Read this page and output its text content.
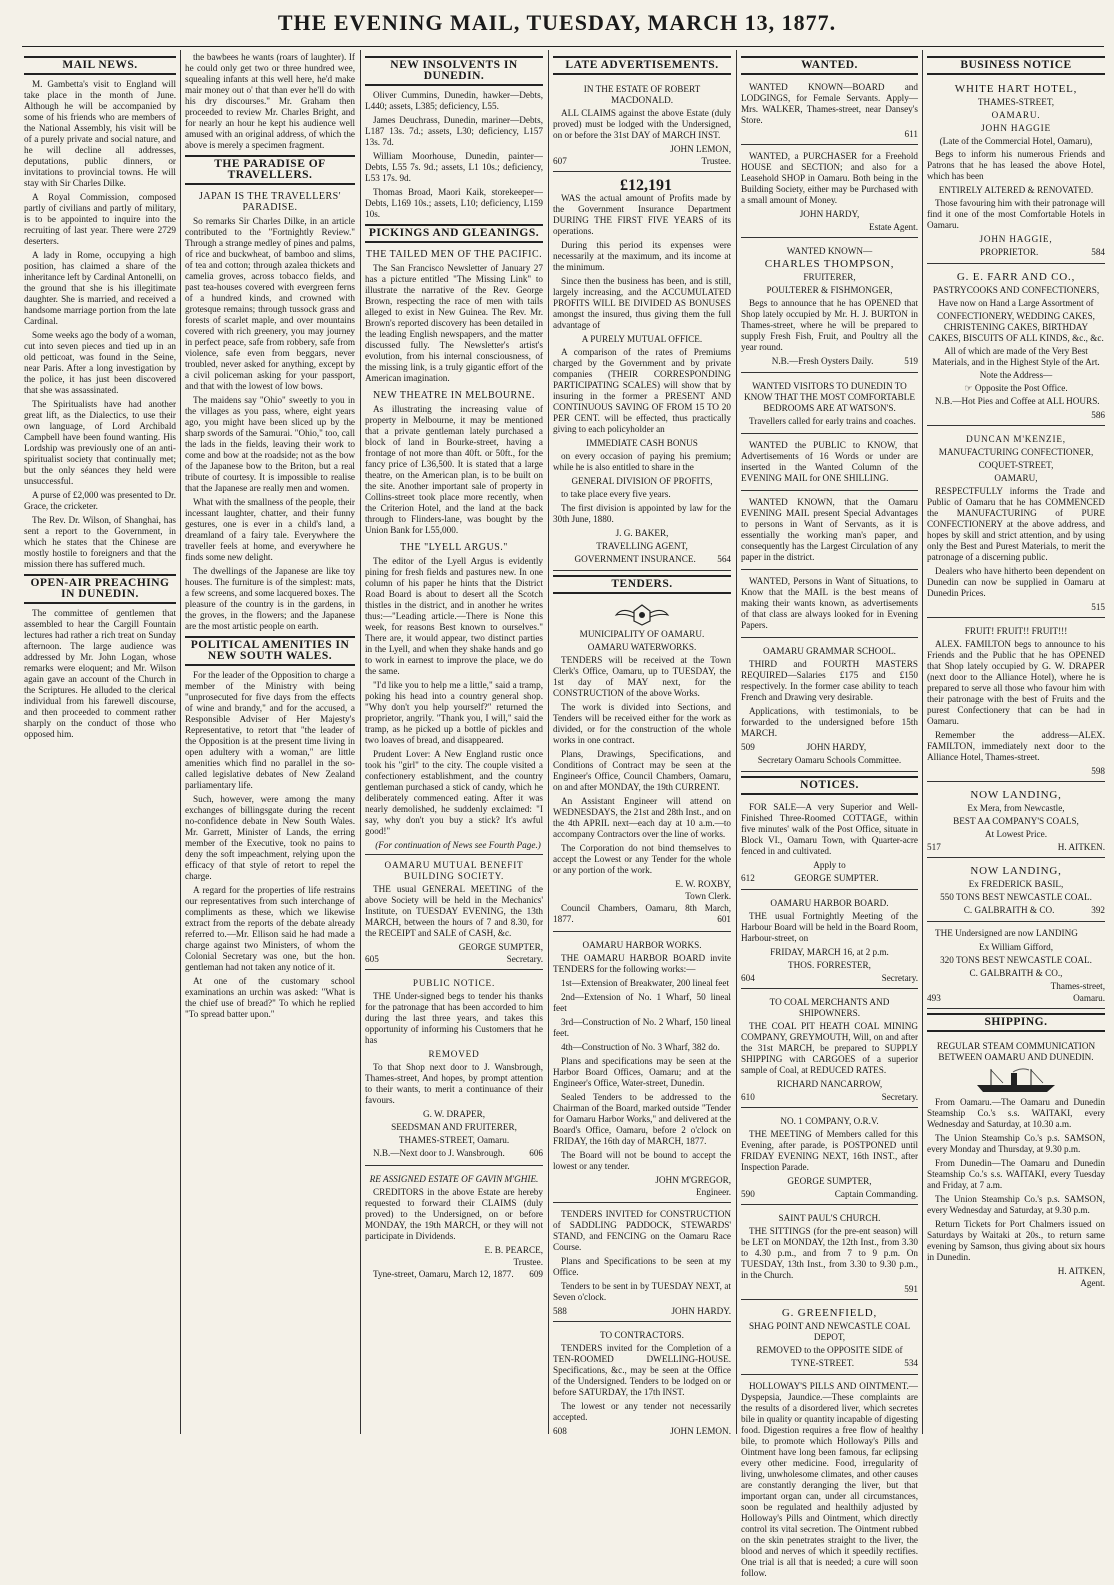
THE EVENING MAIL, TUESDAY, MARCH 13, 1877.
MAIL NEWS.

M. Gambetta's visit to England will take place in the month of June. Although he will be accompanied by some of his friends who are members of the National Assembly, his visit will be of a purely private and social nature, and he will decline all addresses, deputations, public dinners, or invitations to provincial towns. He will stay with Sir Charles Dilke.

A Royal Commission, composed partly of civilians and partly of military, is to be appointed to inquire into the recruiting of last year. There were 2729 deserters.

A lady in Rome, occupying a high position, has claimed a share of the inheritance left by Cardinal Antonelli, on the ground that she is his illegitimate daughter. She is married, and received a handsome marriage portion from the late Cardinal.

Some weeks ago the body of a woman, cut into seven pieces and tied up in an old petticoat, was found in the Seine, near Paris. After a long investigation by the police, it has just been discovered that she was assassinated.

The Spiritualists have had another great lift, as the Dialectics, to use their own language, of Lord Archibald Campbell have been found wanting. His Lordship was previously one of an anti-spiritualist society that continually met; but the only séances they held were unsuccessful.

A purse of £2,000 was presented to Dr. Grace, the cricketer.

The Rev. Dr. Wilson, of Shanghai, has sent a report to the Government, in which he states that the Chinese are mostly hostile to foreigners and that the mission there has suffered much.

OPEN-AIR PREACHING IN DUNEDIN.

The committee of gentlemen that assembled to hear the Cargill Fountain lectures had rather a rich treat on Sunday afternoon. The large audience was addressed by Mr. John Logan, whose remarks were eloquent; and Mr. Wilson again gave an account of the Church in the Scriptures. He alluded to the clerical individual from his farewell discourse, and then proceeded to comment rather sharply on the conduct of those who opposed him.

the bawbees he wants (roars of laughter). If he could only get two or three hundred wee, squealing infants at this well here, he'd make mair money out o' that than ever he'll do with his dry discourses." Mr. Graham then proceeded to review Mr. Charles Bright, and for nearly an hour he kept his audience well amused with an original address, of which the above is merely a specimen fragment.

THE PARADISE OF TRAVELLERS.
JAPAN IS THE TRAVELLERS' PARADISE.

So remarks Sir Charles Dilke, in an article contributed to the "Fortnightly Review." Through a strange medley of pines and palms, of rice and buckwheat, of bamboo and slims, of tea and cotton; through azalea thickets and camelia groves, across tobacco fields, and past tea-houses covered with evergreen ferns of a hundred kinds, and crowned with grotesque remains; through tussock grass and forests of scarlet maple, and over mountains covered with rich greenery, you may journey in perfect peace, safe from robbery, safe from violence, safe even from beggars, never troubled, never asked for anything, except by a civil policeman asking for your passport, and that with the lowest of low bows.

The maidens say "Ohio" sweetly to you in the villages as you pass, where, eight years ago, you might have been sliced up by the sharp swords of the Samurai. "Ohio," too, call the lads in the fields, leaving their work to come and bow at the roadside; not as the bow of the Japanese bow to the Briton, but a real tribute of courtesy. It is impossible to realise that the Japanese are really men and women.

What with the smallness of the people, their incessant laughter, chatter, and their funny gestures, one is ever in a child's land, a dreamland of a fairy tale. Everywhere the traveller feels at home, and everywhere he finds some new delight.

The dwellings of the Japanese are like toy houses. The furniture is of the simplest: mats, a few screens, and some lacquered boxes. The pleasure of the country is in the gardens, in the groves, in the flowers; and the Japanese are the most artistic people on earth.

POLITICAL AMENITIES IN NEW SOUTH WALES.

For the leader of the Opposition to charge a member of the Ministry with being "unprosecuted for five days from the effects of wine and brandy," and for the accused, a Responsible Adviser of Her Majesty's Representative, to retort that "the leader of the Opposition is at the present time living in open adultery with a woman," are little amenities which find no parallel in the so-called legislative debates of New Zealand parliamentary life.

Such, however, were among the many exchanges of billingsgate during the recent no-confidence debate in New South Wales. Mr. Garrett, Minister of Lands, the erring member of the Executive, took no pains to deny the soft impeachment, relying upon the efficacy of that style of retort to repel the charge.

A regard for the properties of life restrains our representatives from such interchange of compliments as these, which we likewise extract from the reports of the debate already referred to.—Mr. Ellison said he had made a charge against two Ministers, of whom the Colonial Secretary was one, but the hon. gentleman had not taken any notice of it.

At one of the customary school examinations an urchin was asked: "What is the chief use of bread?" To which he replied "To spread batter upon."

NEW INSOLVENTS IN DUNEDIN.

Oliver Cummins, Dunedin, hawker—Debts, L440; assets, L385; deficiency, L55.

James Deuchrass, Dunedin, mariner—Debts, L187 13s. 7d.; assets, L30; deficiency, L157 13s. 7d.

William Moorhouse, Dunedin, painter—Debts, L55 7s. 9d.; assets, L1 10s.; deficiency, L53 17s. 9d.

Thomas Broad, Maori Kaik, storekeeper—Debts, L169 10s.; assets, L10; deficiency, L159 10s.

PICKINGS AND GLEANINGS.
THE TAILED MEN OF THE PACIFIC.

The San Francisco Newsletter of January 27 has a picture entitled "The Missing Link" to illustrate the narrative of the Rev. George Brown, respecting the race of men with tails alleged to exist in New Guinea. The Rev. Mr. Brown's reported discovery has been detailed in the leading English newspapers, and the matter discussed fully. The Newsletter's artist's evolution, from his internal consciousness, of the missing link, is a truly gigantic effort of the American imagination.

NEW THEATRE IN MELBOURNE.

As illustrating the increasing value of property in Melbourne, it may be mentioned that a private gentleman lately purchased a block of land in Bourke-street, having a frontage of not more than 40ft. or 50ft., for the fancy price of L36,500. It is stated that a large theatre, on the American plan, is to be built on the site. Another important sale of property in Collins-street took place more recently, when the Criterion Hotel, and the land at the back through to Flinders-lane, was bought by the Union Bank for L55,000.

THE "LYELL ARGUS."

The editor of the Lyell Argus is evidently pining for fresh fields and pastures new. In one column of his paper he hints that the District Road Board is about to desert all the Scotch thistles in the district, and in another he writes thus:—"Leading article.—There is None this week, for reasons Best known to ourselves." There are, it would appear, two distinct parties in the Lyell, and when they shake hands and go to work in earnest to improve the place, we do the same.

"I'd like you to help me a little," said a tramp, poking his head into a country general shop. "Why don't you help yourself?" returned the proprietor, angrily. "Thank you, I will," said the tramp, as he picked up a bottle of pickles and two loaves of bread, and disappeared.

Prudent Lover: A New England rustic once took his "girl" to the city. The couple visited a confectionery establishment, and the country gentleman purchased a stick of candy, which he deliberately commenced eating. After it was nearly demolished, he suddenly exclaimed: "I say, why don't you buy a stick? It's awful good!"

(For continuation of News see Fourth Page.)

OAMARU MUTUAL BENEFIT BUILDING SOCIETY.

THE usual GENERAL MEETING of the above Society will be held in the Mechanics' Institute, on TUESDAY EVENING, the 13th MARCH, between the hours of 7 and 8.30, for the RECEIPT and SALE of CASH, &c.

GEORGE SUMPTER,

605	Secretary.

PUBLIC NOTICE.

THE Under-signed begs to tender his thanks for the patronage that has been accorded to him during the last three years, and takes this opportunity of informing his Customers that he has

REMOVED

To that Shop next door to J. Wansbrough, Thames-street, And hopes, by prompt attention to their wants, to merit a continuance of their favours.

G. W. DRAPER,

SEEDSMAN AND FRUITERER,

THAMES-STREET, Oamaru.

N.B.—Next door to J. Wansbrough.	606

RE ASSIGNED ESTATE OF GAVIN M'GHIE.

CREDITORS in the above Estate are hereby requested to forward their CLAIMS (duly proved) to the Undersigned, on or before MONDAY, the 19th MARCH, or they will not participate in Dividends.

E. B. PEARCE,

Trustee.

Tyne-street, Oamaru, March 12, 1877.	609

LATE ADVERTISEMENTS.

IN THE ESTATE OF ROBERT MACDONALD.

ALL CLAIMS against the above Estate (duly proved) must be lodged with the Undersigned, on or before the 31st DAY of MARCH INST.

JOHN LEMON,

607	Trustee.

£12,191

WAS the actual amount of Profits made by the Government Insurance Department DURING THE FIRST FIVE YEARS of its operations.

During this period its expenses were necessarily at the maximum, and its income at the minimum.

Since then the business has been, and is still, largely increasing, and the ACCUMULATED PROFITS WILL BE DIVIDED AS BONUSES amongst the insured, thus giving them the full advantage of

A PURELY MUTUAL OFFICE.

A comparison of the rates of Premiums charged by the Government and by private companies (THEIR CORRESPONDING PARTICIPATING SCALES) will show that by insuring in the former a PRESENT AND CONTINUOUS SAVING OF FROM 15 TO 20 PER CENT. will be effected, thus practically giving to each policyholder an

IMMEDIATE CASH BONUS

on every occasion of paying his premium; while he is also entitled to share in the

GENERAL DIVISION OF PROFITS,

to take place every five years.

The first division is appointed by law for the 30th June, 1880.

J. G. BAKER,

TRAVELLING AGENT,

GOVERNMENT INSURANCE. 564

TENDERS.

MUNICIPALITY OF OAMARU.

OAMARU WATERWORKS.

TENDERS will be received at the Town Clerk's Office, Oamaru, up to TUESDAY, the 1st day of MAY next, for the CONSTRUCTION of the above Works.

The work is divided into Sections, and Tenders will be received either for the work as divided, or for the construction of the whole works in one contract.

Plans, Drawings, Specifications, and Conditions of Contract may be seen at the Engineer's Office, Council Chambers, Oamaru, on and after MONDAY, the 19th CURRENT.

An Assistant Engineer will attend on WEDNESDAYS, the 21st and 28th Inst., and on the 4th APRIL next—each day at 10 a.m.—to accompany Contractors over the line of works.

The Corporation do not bind themselves to accept the Lowest or any Tender for the whole or any portion of the work.

E. W. ROXBY,

Town Clerk.

Council Chambers, Oamaru, 8th March, 1877.	601

OAMARU HARBOR WORKS.

THE OAMARU HARBOR BOARD invite TENDERS for the following works:—

1st—Extension of Breakwater, 200 lineal feet

2nd—Extension of No. 1 Wharf, 50 lineal feet

3rd—Construction of No. 2 Wharf, 150 lineal feet.

4th—Construction of No. 3 Wharf, 382 do.

Plans and specifications may be seen at the Harbor Board Offices, Oamaru; and at the Engineer's Office, Water-street, Dunedin.

Sealed Tenders to be addressed to the Chairman of the Board, marked outside "Tender for Oamaru Harbor Works," and delivered at the Board's Office, Oamaru, before 2 o'clock on FRIDAY, the 16th day of MARCH, 1877.

The Board will not be bound to accept the lowest or any tender.

JOHN M'GREGOR,

Engineer.

TENDERS INVITED for CONSTRUCTION of SADDLING PADDOCK, STEWARDS' STAND, and FENCING on the Oamaru Race Course.

Plans and Specifications to be seen at my Office.

Tenders to be sent in by TUESDAY NEXT, at Seven o'clock.

588	JOHN HARDY.

TO CONTRACTORS.

TENDERS invited for the Completion of a TEN-ROOMED DWELLING-HOUSE. Specifications, &c., may be seen at the Office of the Undersigned. Tenders to be lodged on or before SATURDAY, the 17th INST.

The lowest or any tender not necessarily accepted.

608	JOHN LEMON.

WANTED.

WANTED KNOWN—BOARD and LODGINGS, for Female Servants. Apply—Mrs. WALKER, Thames-street, near Dansey's Store.

611

WANTED, a PURCHASER for a Freehold HOUSE and SECTION; and also for a Leasehold SHOP in Oamaru. Both being in the Building Society, either may be Purchased with a small amount of Money.

JOHN HARDY,

Estate Agent.

WANTED KNOWN—

CHARLES THOMPSON,

FRUITERER,

POULTERER & FISHMONGER,

Begs to announce that he has OPENED that Shop lately occupied by Mr. H. J. BURTON in Thames-street, where he will be prepared to supply Fresh Fish, Fruit, and Poultry all the year round.

N.B.—Fresh Oysters Daily.	519

WANTED VISITORS TO DUNEDIN TO KNOW THAT THE MOST COMFORTABLE BEDROOMS ARE AT WATSON'S.

Travellers called for early trains and coaches.

WANTED the PUBLIC to KNOW, that Advertisements of 16 Words or under are inserted in the Wanted Column of the EVENING MAIL for ONE SHILLING.

WANTED KNOWN, that the Oamaru EVENING MAIL present Special Advantages to persons in Want of Servants, as it is essentially the working man's paper, and consequently has the Largest Circulation of any paper in the district.

WANTED, Persons in Want of Situations, to Know that the MAIL is the best means of making their wants known, as advertisements of that class are always looked for in Evening Papers.

OAMARU GRAMMAR SCHOOL.

THIRD and FOURTH MASTERS REQUIRED—Salaries £175 and £150 respectively. In the former case ability to teach French and Drawing very desirable.

Applications, with testimonials, to be forwarded to the undersigned before 15th MARCH.

509	JOHN HARDY,

Secretary Oamaru Schools Committee.

NOTICES.

FOR SALE—A very Superior and Well-Finished Three-Roomed COTTAGE, within five minutes' walk of the Post Office, situate in Block VI., Oamaru Town, with Quarter-acre fenced in and cultivated.

Apply to

612	GEORGE SUMPTER.

OAMARU HARBOR BOARD.

THE usual Fortnightly Meeting of the Harbour Board will be held in the Board Room, Harbour-street, on

FRIDAY, MARCH 16, at 2 p.m.

THOS. FORRESTER,

604	Secretary.

TO COAL MERCHANTS AND SHIPOWNERS.

THE COAL PIT HEATH COAL MINING COMPANY, GREYMOUTH, Will, on and after the 31st MARCH, be prepared to SUPPLY SHIPPING with CARGOES of a superior sample of Coal, at REDUCED RATES.

RICHARD NANCARROW,

610	Secretary.

NO. 1 COMPANY, O.R.V.

THE MEETING of Members called for this Evening, after parade, is POSTPONED until FRIDAY EVENING NEXT, 16th INST., after Inspection Parade.

GEORGE SUMPTER,

590	Captain Commanding.

SAINT PAUL'S CHURCH.

THE SITTINGS (for the pre-ent season) will be LET on MONDAY, the 12th Inst., from 3.30 to 4.30 p.m., and from 7 to 9 p.m. On TUESDAY, 13th Inst., from 3.30 to 9.30 p.m., in the Church.

591

G. GREENFIELD,

SHAG POINT AND NEWCASTLE COAL DEPOT,

REMOVED to the OPPOSITE SIDE of

TYNE-STREET.	534

HOLLOWAY'S PILLS AND OINTMENT.—Dyspepsia, Jaundice.—These complaints are the results of a disordered liver, which secretes bile in quality or quantity incapable of digesting food. Digestion requires a free flow of healthy bile, to promote which Holloway's Pills and Ointment have long been famous, far eclipsing every other medicine. Food, irregularity of living, unwholesome climates, and other causes are constantly deranging the liver, but that important organ can, under all circumstances, soon be regulated and healthily adjusted by Holloway's Pills and Ointment, which directly control its vital secretion. The Ointment rubbed on the skin penetrates straight to the liver, the blood and nerves of which it speedily rectifies. One trial is all that is needed; a cure will soon follow.

BUSINESS NOTICE

WHITE HART HOTEL,

THAMES-STREET,

OAMARU.

JOHN HAGGIE

(Late of the Commercial Hotel, Oamaru),

Begs to inform his numerous Friends and Patrons that he has leased the above Hotel, which has been

ENTIRELY ALTERED & RENOVATED.

Those favouring him with their patronage will find it one of the most Comfortable Hotels in Oamaru.

JOHN HAGGIE,

PROPRIETOR.	584

G. E. FARR AND CO.,

PASTRYCOOKS AND CONFECTIONERS,

Have now on Hand a Large Assortment of

CONFECTIONERY, WEDDING CAKES, CHRISTENING CAKES, BIRTHDAY CAKES, BISCUITS OF ALL KINDS, &c., &c.

All of which are made of the Very Best Materials, and in the Highest Style of the Art.

Note the Address—

☞ Opposite the Post Office.

N.B.—Hot Pies and Coffee at ALL HOURS.

586

DUNCAN M'KENZIE,

MANUFACTURING CONFECTIONER,

COQUET-STREET,

OAMARU,

RESPECTFULLY informs the Trade and Public of Oamaru that he has COMMENCED the MANUFACTURING of PURE CONFECTIONERY at the above address, and hopes by skill and strict attention, and by using only the Best and Purest Materials, to merit the patronage of a discerning public.

Dealers who have hitherto been dependent on Dunedin can now be supplied in Oamaru at Dunedin Prices.

515

FRUIT! FRUIT!! FRUIT!!!

ALEX. FAMILTON begs to announce to his Friends and the Public that he has OPENED that Shop lately occupied by G. W. DRAPER (next door to the Alliance Hotel), where he is prepared to serve all those who favour him with their patronage with the best of Fruits and the purest Confectionery that can be had in Oamaru.

Remember the address—ALEX. FAMILTON, immediately next door to the Alliance Hotel, Thames-street.

598

NOW LANDING,

Ex Mera, from Newcastle,

BEST AA COMPANY'S COALS,

At Lowest Price.

517	H. AITKEN.

NOW LANDING,

Ex FREDERICK BASIL,

550 TONS BEST NEWCASTLE COAL.

C. GALBRAITH & CO.	392

THE Undersigned are now LANDING

Ex William Gifford,

320 TONS BEST NEWCASTLE COAL.

C. GALBRAITH & CO.,

Thames-street,

493	Oamaru.

SHIPPING.

REGULAR STEAM COMMUNICATION BETWEEN OAMARU AND DUNEDIN.

From Oamaru.—The Oamaru and Dunedin Steamship Co.'s s.s. WAITAKI, every Wednesday and Saturday, at 10.30 a.m.

The Union Steamship Co.'s p.s. SAMSON, every Monday and Thursday, at 9.30 p.m.

From Dunedin—The Oamaru and Dunedin Steamship Co.'s s.s. WAITAKI, every Tuesday and Friday, at 7 a.m.

The Union Steamship Co.'s p.s. SAMSON, every Wednesday and Saturday, at 9.30 p.m.

Return Tickets for Port Chalmers issued on Saturdays by Waitaki at 20s., to return same evening by Samson, thus giving about six hours in Dunedin.

H. AITKEN,

Agent.
